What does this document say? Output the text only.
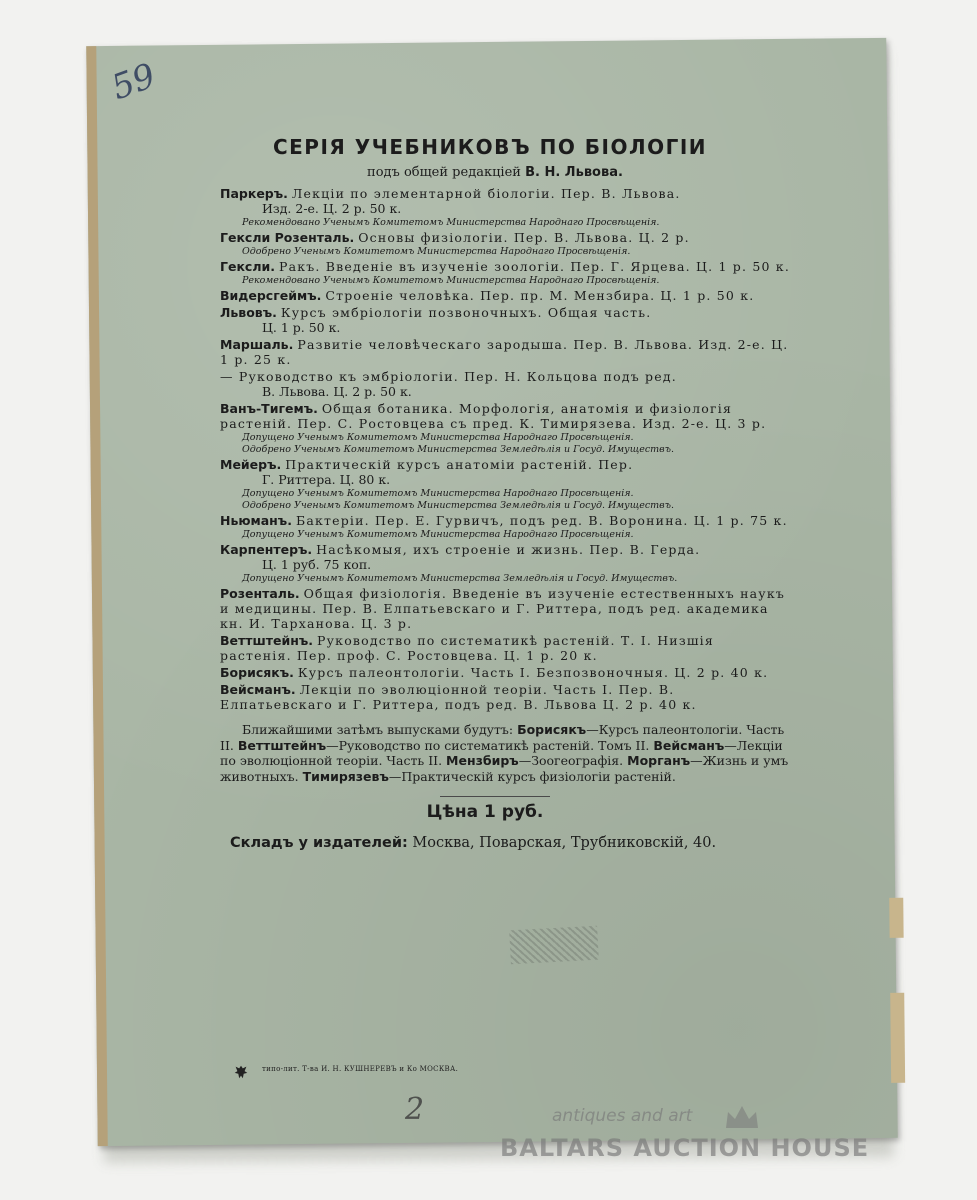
59
СЕРІЯ УЧЕБНИКОВЪ ПО БІОЛОГІИ
подъ общей редакціей В. Н. Львова.
Паркеръ. Лекціи по элементарной біологіи. Пер. В. Львова.
Изд. 2-е. Ц. 2 р. 50 к.
Рекомендовано Ученымъ Комитетомъ Министерства Народнаго Просвѣщенія.
Гексли Розенталь. Основы физіологіи. Пер. В. Львова. Ц. 2 р.
Одобрено Ученымъ Комитетомъ Министерства Народнаго Просвѣщенія.
Гексли. Ракъ. Введеніе въ изученіе зоологіи. Пер. Г. Ярцева. Ц. 1 р. 50 к.
Рекомендовано Ученымъ Комитетомъ Министерства Народнаго Просвѣщенія.
Видерсгеймъ. Строеніе человѣка. Пер. пр. М. Мензбира. Ц. 1 р. 50 к.
Львовъ. Курсъ эмбріологіи позвоночныхъ. Общая часть.
Ц. 1 р. 50 к.
Маршаль. Развитіе человѣческаго зародыша. Пер. В. Львова. Изд. 2-е. Ц. 1 р. 25 к.
— Руководство къ эмбріологіи. Пер. Н. Кольцова подъ ред.
В. Львова. Ц. 2 р. 50 к.
Ванъ-Тигемъ. Общая ботаника. Морфологія, анатомія и физіологія растеній. Пер. С. Ростовцева съ пред. К. Тимирязева. Изд. 2-е. Ц. 3 р.
Допущено Ученымъ Комитетомъ Министерства Народнаго Просвѣщенія.
Одобрено Ученымъ Комитетомъ Министерства Земледѣлія и Госуд. Имуществъ.
Мейеръ. Практическій курсъ анатоміи растеній. Пер.
Г. Риттера. Ц. 80 к.
Допущено Ученымъ Комитетомъ Министерства Народнаго Просвѣщенія.
Одобрено Ученымъ Комитетомъ Министерства Земледѣлія и Госуд. Имуществъ.
Ньюманъ. Бактеріи. Пер. Е. Гурвичъ, подъ ред. В. Воронина. Ц. 1 р. 75 к.
Допущено Ученымъ Комитетомъ Министерства Народнаго Просвѣщенія.
Карпентеръ. Насѣкомыя, ихъ строеніе и жизнь. Пер. В. Герда.
Ц. 1 руб. 75 коп.
Допущено Ученымъ Комитетомъ Министерства Земледѣлія и Госуд. Имуществъ.
Розенталь. Общая физіологія. Введеніе въ изученіе естественныхъ наукъ и медицины. Пер. В. Елпатьевскаго и Г. Риттера, подъ ред. академика кн. И. Тарханова. Ц. 3 р.
Веттштейнъ. Руководство по систематикѣ растеній. Т. I. Низшія растенія. Пер. проф. С. Ростовцева. Ц. 1 р. 20 к.
Борисякъ. Курсъ палеонтологіи. Часть I. Безпозвоночныя. Ц. 2 р. 40 к.
Вейсманъ. Лекціи по эволюціонной теоріи. Часть I. Пер. В. Елпатьевскаго и Г. Риттера, подъ ред. В. Львова Ц. 2 р. 40 к.
Ближайшими затѣмъ выпусками будутъ: Борисякъ—Курсъ палеонтологіи. Часть II. Веттштейнъ—Руководство по систематикѣ растеній. Томъ II. Вейсманъ—Лекціи по эволюціонной теоріи. Часть II. Мензбиръ—Зоогеографія. Морганъ—Жизнь и умъ животныхъ. Тимирязевъ—Практическій курсъ физіологіи растеній.
Цѣна 1 руб.
Складъ у издателей: Москва, Поварская, Трубниковскій, 40.
типо-лит. Т-ва И. Н. КУШНЕРЕВЪ и Ко МОСКВА.
2	antiques and art
BALTARS AUCTION HOUSE
